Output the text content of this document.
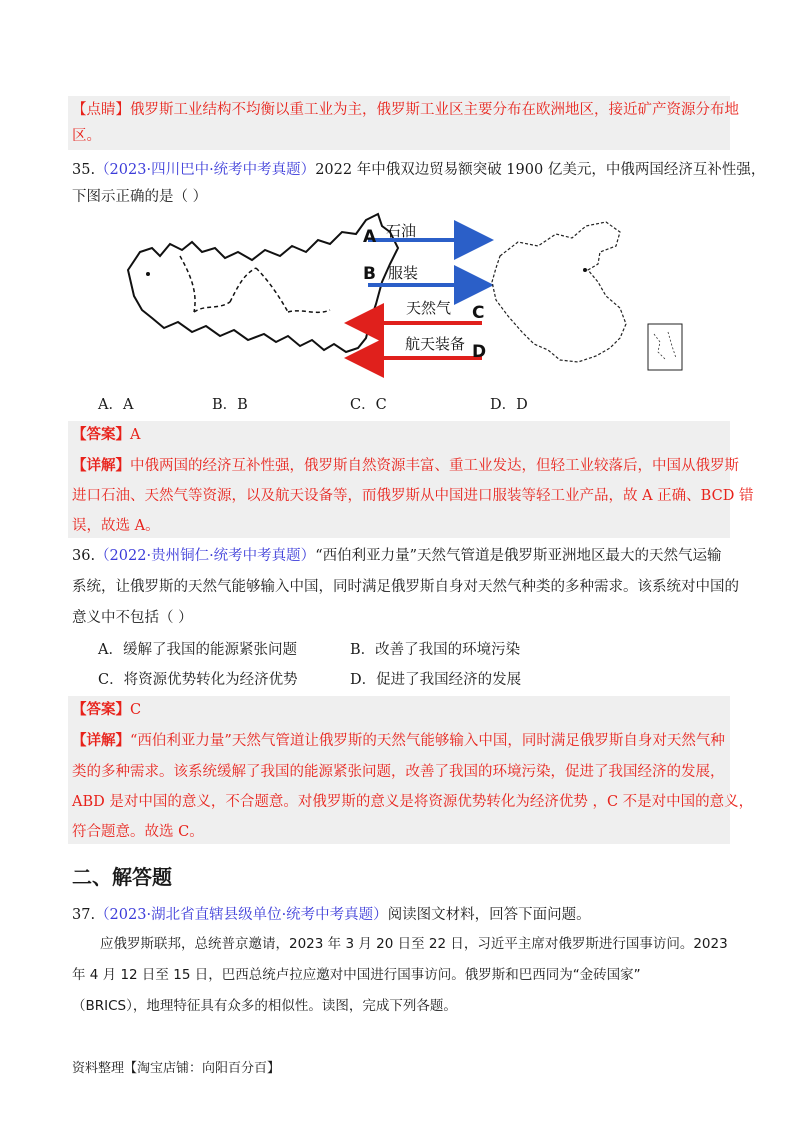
【点睛】俄罗斯工业结构不均衡以重工业为主，俄罗斯工业区主要分布在欧洲地区，接近矿产资源分布地
区。
35.（2023·四川巴中·统考中考真题）2022 年中俄双边贸易额突破 1900 亿美元，中俄两国经济互补性强，
下图示正确的是（ ）
A 石油
B 服装
C
天然气
D
航天装备
A．A	B．B	C．C	D．D
【答案】A
【详解】中俄两国的经济互补性强，俄罗斯自然资源丰富、重工业发达，但轻工业较落后，中国从俄罗斯
进口石油、天然气等资源，以及航天设备等，而俄罗斯从中国进口服装等轻工业产品，故 A 正确、BCD 错
误，故选 A。
36.（2022·贵州铜仁·统考中考真题）“西伯利亚力量”天然气管道是俄罗斯亚洲地区最大的天然气运输
系统，让俄罗斯的天然气能够输入中国，同时满足俄罗斯自身对天然气种类的多种需求。该系统对中国的
意义中不包括（ ）
A．缓解了我国的能源紧张问题	B．改善了我国的环境污染
C．将资源优势转化为经济优势	D．促进了我国经济的发展
【答案】C
【详解】“西伯利亚力量”天然气管道让俄罗斯的天然气能够输入中国，同时满足俄罗斯自身对天然气种
类的多种需求。该系统缓解了我国的能源紧张问题，改善了我国的环境污染，促进了我国经济的发展，
ABD 是对中国的意义，不合题意。对俄罗斯的意义是将资源优势转化为经济优势 ，C 不是对中国的意义，
符合题意。故选 C。
二、解答题
37.（2023·湖北省直辖县级单位·统考中考真题）阅读图文材料，回答下面问题。
应俄罗斯联邦，总统普京邀请，2023 年 3 月 20 日至 22 日，习近平主席对俄罗斯进行国事访问。2023
年 4 月 12 日至 15 日，巴西总统卢拉应邀对中国进行国事访问。俄罗斯和巴西同为“金砖国家”
（BRICS），地理特征具有众多的相似性。读图，完成下列各题。
资料整理【淘宝店铺：向阳百分百】
